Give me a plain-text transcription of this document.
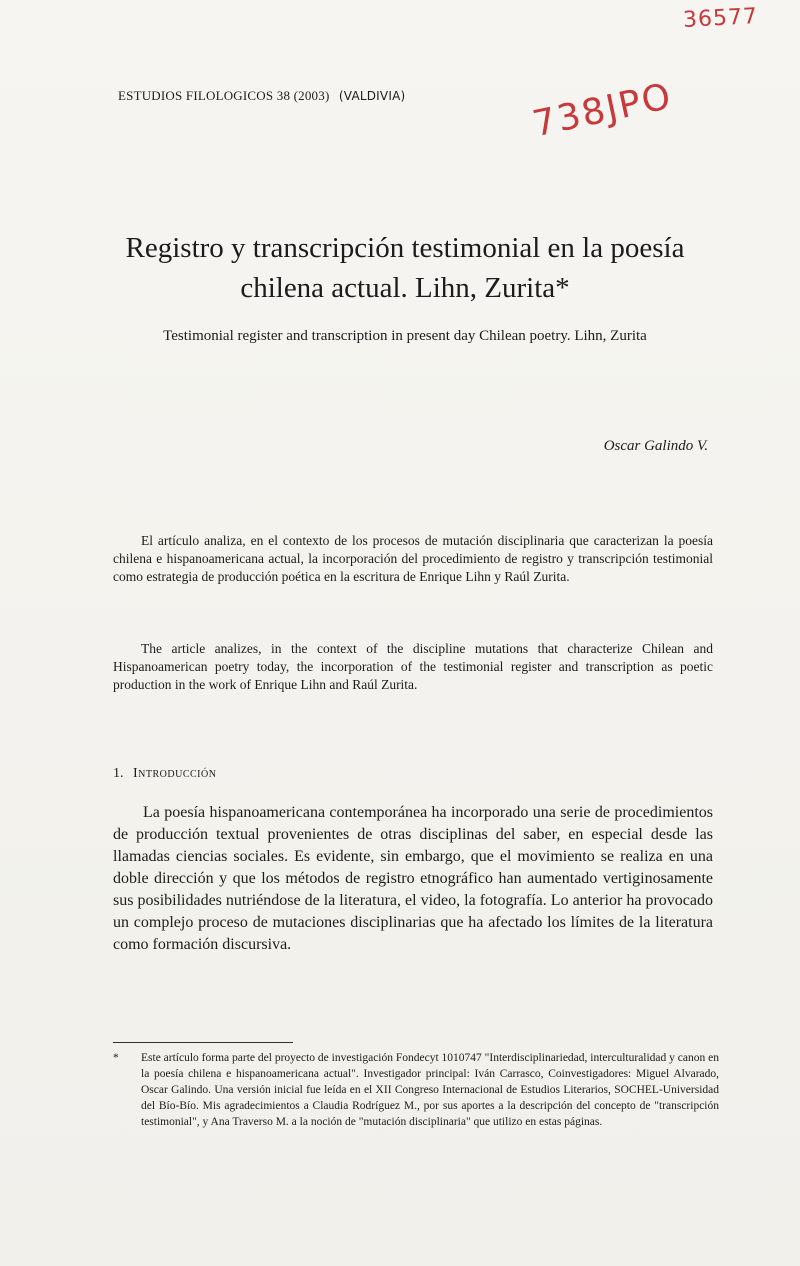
36577
738JPO
ESTUDIOS FILOLOGICOS 38 (2003) (VALDIVIA)
Registro y transcripción testimonial en la poesía chilena actual. Lihn, Zurita*
Testimonial register and transcription in present day Chilean poetry. Lihn, Zurita
Oscar Galindo V.
El artículo analiza, en el contexto de los procesos de mutación disciplinaria que caracterizan la poesía chilena e hispanoamericana actual, la incorporación del procedimiento de registro y transcripción testimonial como estrategia de producción poética en la escritura de Enrique Lihn y Raúl Zurita.
The article analizes, in the context of the discipline mutations that characterize Chilean and Hispanoamerican poetry today, the incorporation of the testimonial register and transcription as poetic production in the work of Enrique Lihn and Raúl Zurita.
1. Introducción
La poesía hispanoamericana contemporánea ha incorporado una serie de procedimientos de producción textual provenientes de otras disciplinas del saber, en especial desde las llamadas ciencias sociales. Es evidente, sin embargo, que el movimiento se realiza en una doble dirección y que los métodos de registro etnográfico han aumentado vertiginosamente sus posibilidades nutriéndose de la literatura, el video, la fotografía. Lo anterior ha provocado un complejo proceso de mutaciones disciplinarias que ha afectado los límites de la literatura como formación discursiva.
*	Este artículo forma parte del proyecto de investigación Fondecyt 1010747 "Interdisciplinariedad, interculturalidad y canon en la poesía chilena e hispanoamericana actual". Investigador principal: Iván Carrasco, Coinvestigadores: Miguel Alvarado, Oscar Galindo. Una versión inicial fue leída en el XII Congreso Internacional de Estudios Literarios, SOCHEL-Universidad del Bío-Bío. Mis agradecimientos a Claudia Rodríguez M., por sus aportes a la descripción del concepto de "transcripción testimonial", y Ana Traverso M. a la noción de "mutación disciplinaria" que utilizo en estas páginas.
